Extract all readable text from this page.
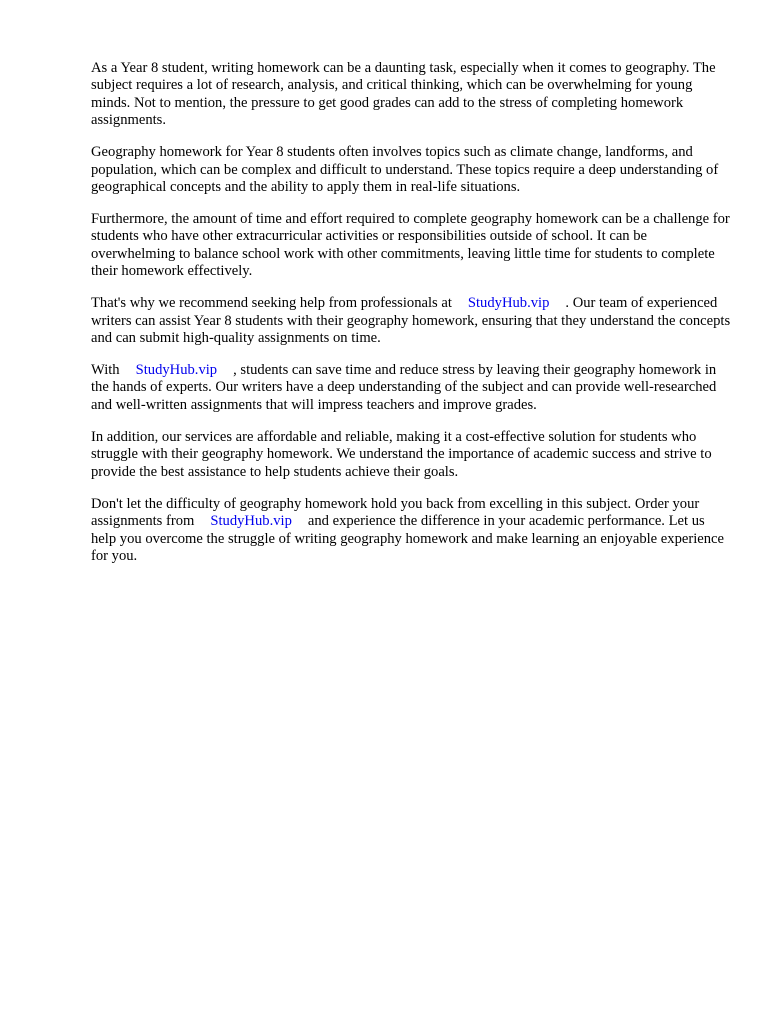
As a Year 8 student, writing homework can be a daunting task, especially when it comes to geography. The subject requires a lot of research, analysis, and critical thinking, which can be overwhelming for young minds. Not to mention, the pressure to get good grades can add to the stress of completing homework assignments.

Geography homework for Year 8 students often involves topics such as climate change, landforms, and population, which can be complex and difficult to understand. These topics require a deep understanding of geographical concepts and the ability to apply them in real-life situations.

Furthermore, the amount of time and effort required to complete geography homework can be a challenge for students who have other extracurricular activities or responsibilities outside of school. It can be overwhelming to balance school work with other commitments, leaving little time for students to complete their homework effectively.

That's why we recommend seeking help from professionals at StudyHub.vip . Our team of experienced writers can assist Year 8 students with their geography homework, ensuring that they understand the concepts and can submit high-quality assignments on time.

With StudyHub.vip , students can save time and reduce stress by leaving their geography homework in the hands of experts. Our writers have a deep understanding of the subject and can provide well-researched and well-written assignments that will impress teachers and improve grades.

In addition, our services are affordable and reliable, making it a cost-effective solution for students who struggle with their geography homework. We understand the importance of academic success and strive to provide the best assistance to help students achieve their goals.

Don't let the difficulty of geography homework hold you back from excelling in this subject. Order your assignments from StudyHub.vip and experience the difference in your academic performance. Let us help you overcome the struggle of writing geography homework and make learning an enjoyable experience for you.
